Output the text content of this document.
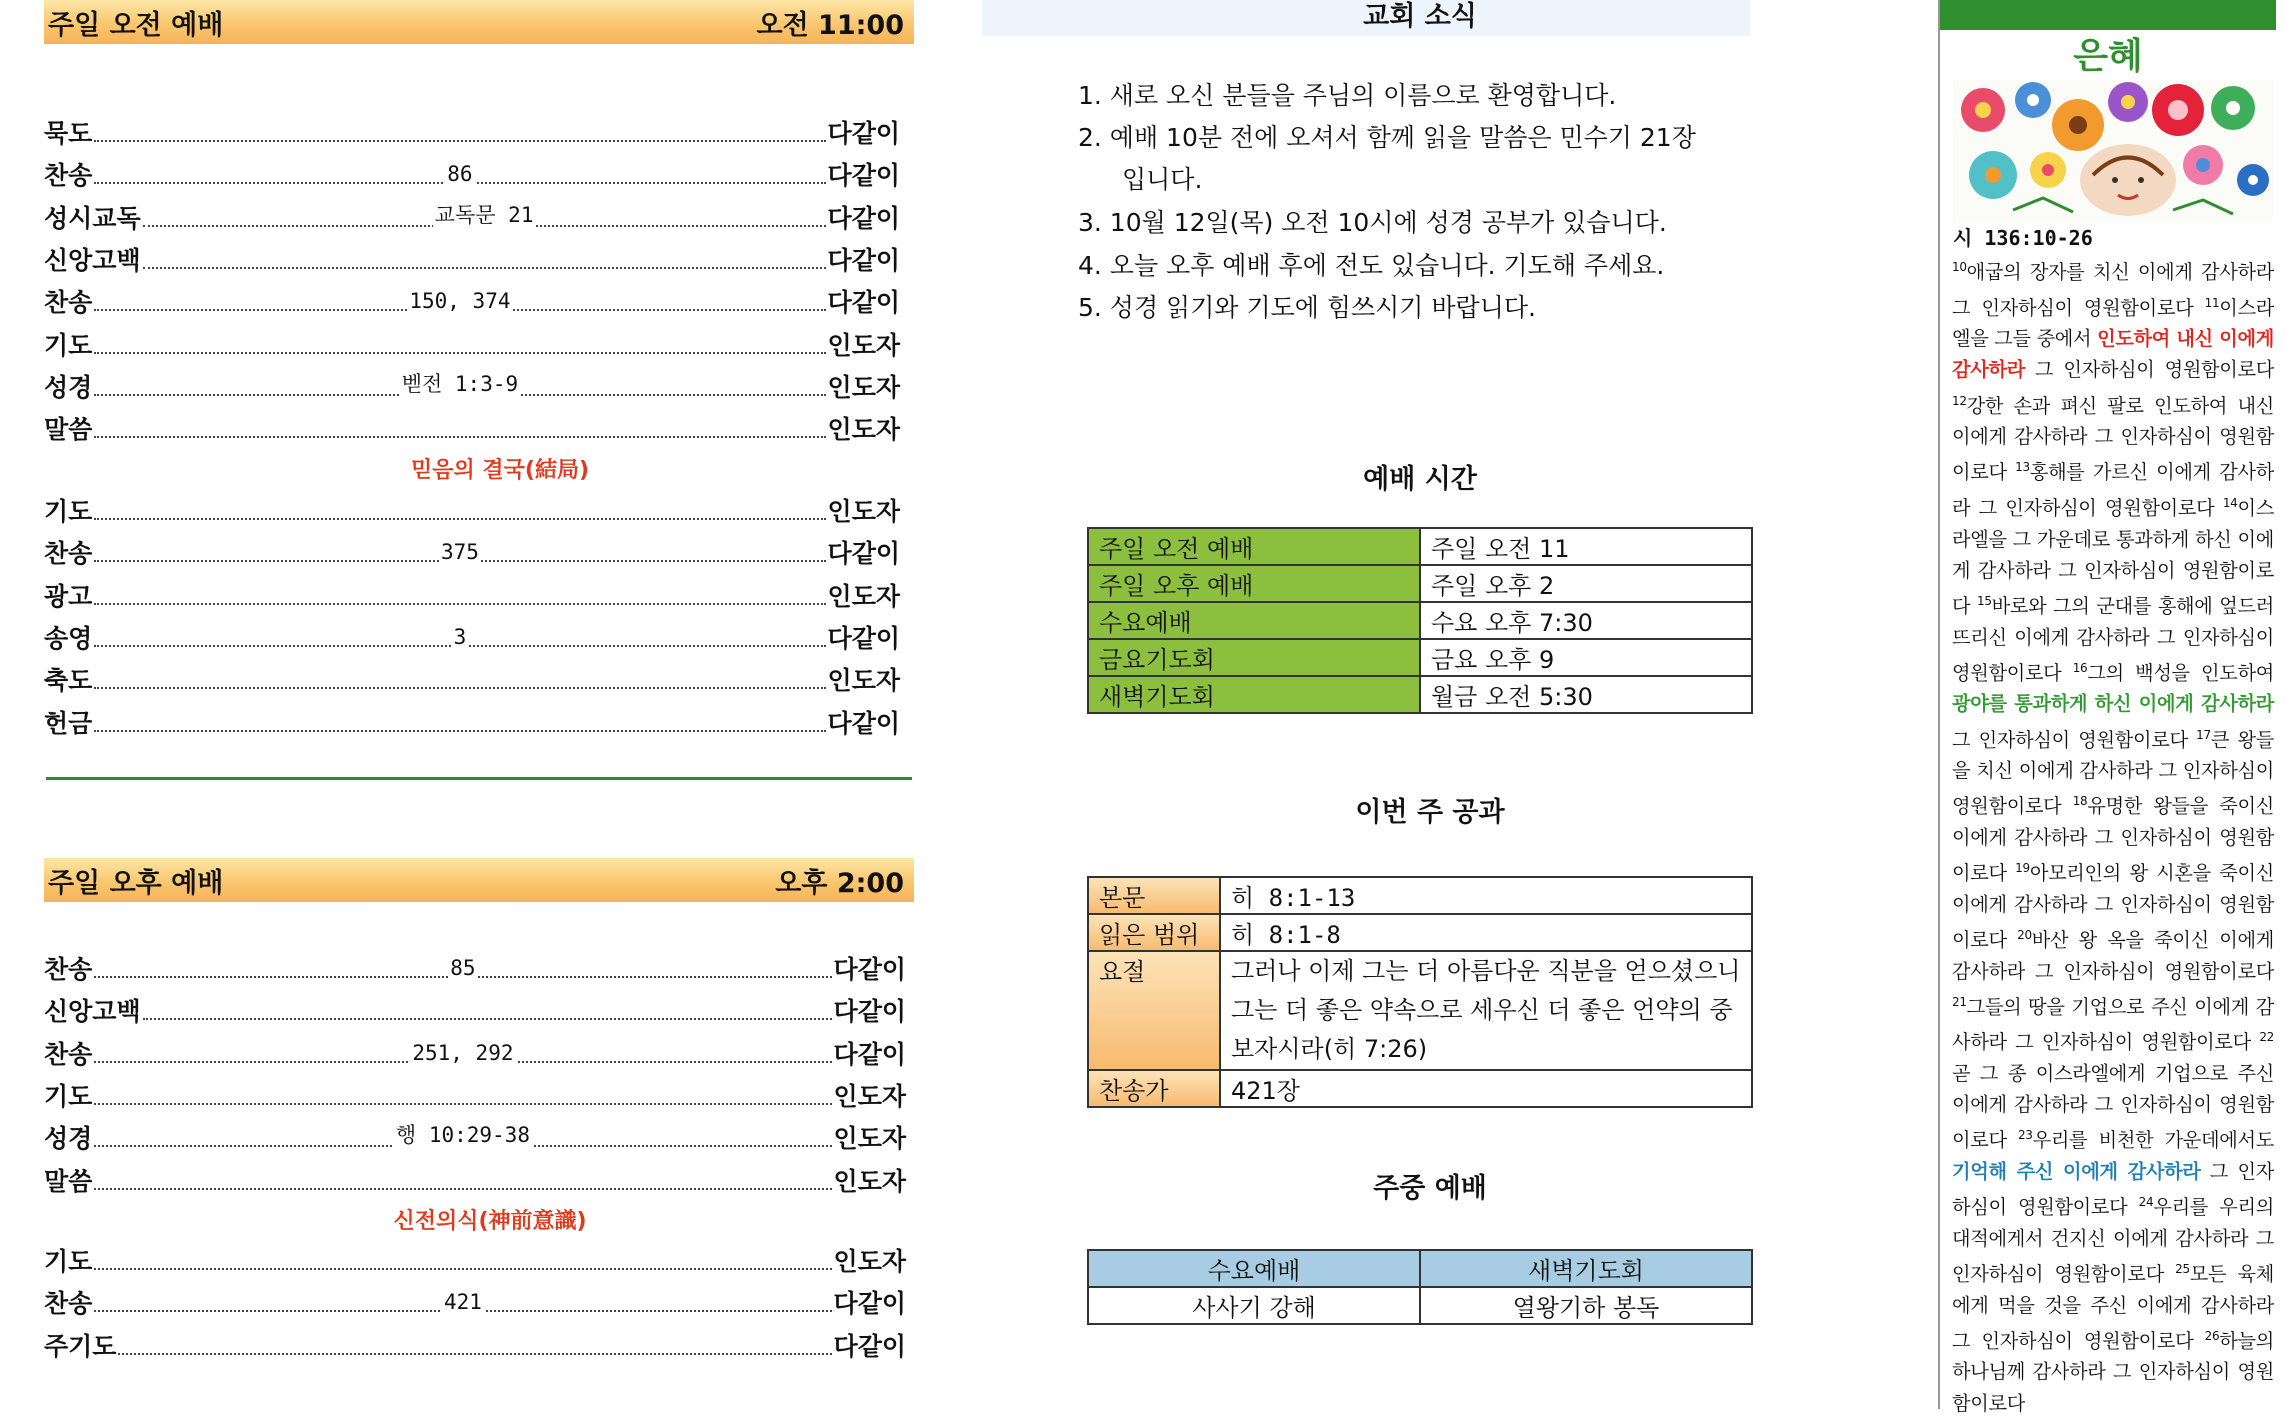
주일 오전 예배	오전 11:00
묵도	다같이
찬송	86	다같이
성시교독	교독문 21	다같이
신앙고백	다같이
찬송	150, 374	다같이
기도	인도자
성경	벧전 1:3-9	인도자
말씀	인도자
믿음의 결국(結局)
기도	인도자
찬송	375	다같이
광고	인도자
송영	3	다같이
축도	인도자
헌금	다같이
주일 오후 예배	오후 2:00
찬송	85	다같이
신앙고백	다같이
찬송	251, 292	다같이
기도	인도자
성경	행 10:29-38	인도자
말씀	인도자
신전의식(神前意識)
기도	인도자
찬송	421	다같이
주기도	다같이
교회 소식
1. 새로 오신 분들을 주님의 이름으로 환영합니다.
2. 예배 10분 전에 오셔서 함께 읽을 말씀은 민수기 21장
입니다.
3. 10월 12일(목) 오전 10시에 성경 공부가 있습니다.
4. 오늘 오후 예배 후에 전도 있습니다. 기도해 주세요.
5. 성경 읽기와 기도에 힘쓰시기 바랍니다.
예배 시간
주일 오전 예배	주일 오전 11
주일 오후 예배	주일 오후 2
수요예배	수요 오후 7:30
금요기도회	금요 오후 9
새벽기도회	월금 오전 5:30
이번 주 공과
본문	히 8:1-13
읽은 범위	히 8:1-8
요절	그러나 이제 그는 더 아름다운 직분을 얻으셨으니 그는 더 좋은 약속으로 세우신 더 좋은 언약의 중보자시라(히 7:26)
찬송가	421장
주중 예배
수요예배	새벽기도회
사사기 강해	열왕기하 봉독
은혜
시 136:10-26
$^{10}$애굽의 장자를 치신 이에게 감사하라 그 인자하심이 영원함이로다 $^{11}$이스라엘을 그들 중에서 인도하여 내신 이에게 감사하라 그 인자하심이 영원함이로다 $^{12}$강한 손과 펴신 팔로 인도하여 내신 이에게 감사하라 그 인자하심이 영원함이로다 $^{13}$홍해를 가르신 이에게 감사하라 그 인자하심이 영원함이로다 $^{14}$이스라엘을 그 가운데로 통과하게 하신 이에게 감사하라 그 인자하심이 영원함이로다 $^{15}$바로와 그의 군대를 홍해에 엎드러뜨리신 이에게 감사하라 그 인자하심이 영원함이로다 $^{16}$그의 백성을 인도하여 광야를 통과하게 하신 이에게 감사하라 그 인자하심이 영원함이로다 $^{17}$큰 왕들을 치신 이에게 감사하라 그 인자하심이 영원함이로다 $^{18}$유명한 왕들을 죽이신 이에게 감사하라 그 인자하심이 영원함이로다 $^{19}$아모리인의 왕 시혼을 죽이신 이에게 감사하라 그 인자하심이 영원함이로다 $^{20}$바산 왕 옥을 죽이신 이에게 감사하라 그 인자하심이 영원함이로다 $^{21}$그들의 땅을 기업으로 주신 이에게 감사하라 그 인자하심이 영원함이로다 $^{22}$곧 그 종 이스라엘에게 기업으로 주신 이에게 감사하라 그 인자하심이 영원함이로다 $^{23}$우리를 비천한 가운데에서도 기억해 주신 이에게 감사하라 그 인자하심이 영원함이로다 $^{24}$우리를 우리의 대적에게서 건지신 이에게 감사하라 그 인자하심이 영원함이로다 $^{25}$모든 육체에게 먹을 것을 주신 이에게 감사하라 그 인자하심이 영원함이로다 $^{26}$하늘의 하나님께 감사하라 그 인자하심이 영원함이로다
